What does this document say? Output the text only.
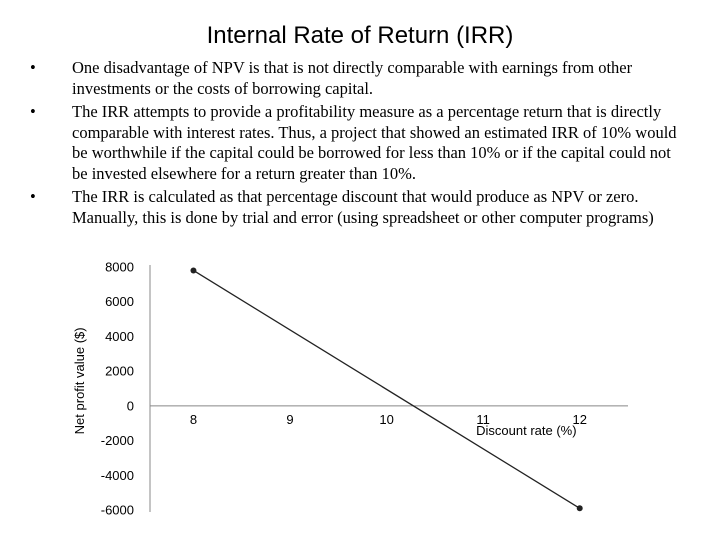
Internal Rate of Return (IRR)
•	One disadvantage of NPV is that is not directly comparable with earnings from other investments or the costs of borrowing capital.
•	The IRR attempts to provide a profitability measure as a percentage return that is directly comparable with interest rates. Thus, a project that showed an estimated IRR of 10% would be worthwhile if the capital could be borrowed for less than 10% or if the capital could not be invested elsewhere for a return greater than 10%.
•	The IRR is calculated as that percentage discount that would produce as NPV or zero. Manually, this is done by trial and error (using spreadsheet or other computer programs)
8000
6000
4000
2000
0
-2000
-4000
-6000
8	9	10	11	12
Discount rate (%)
Net profit value ($)
